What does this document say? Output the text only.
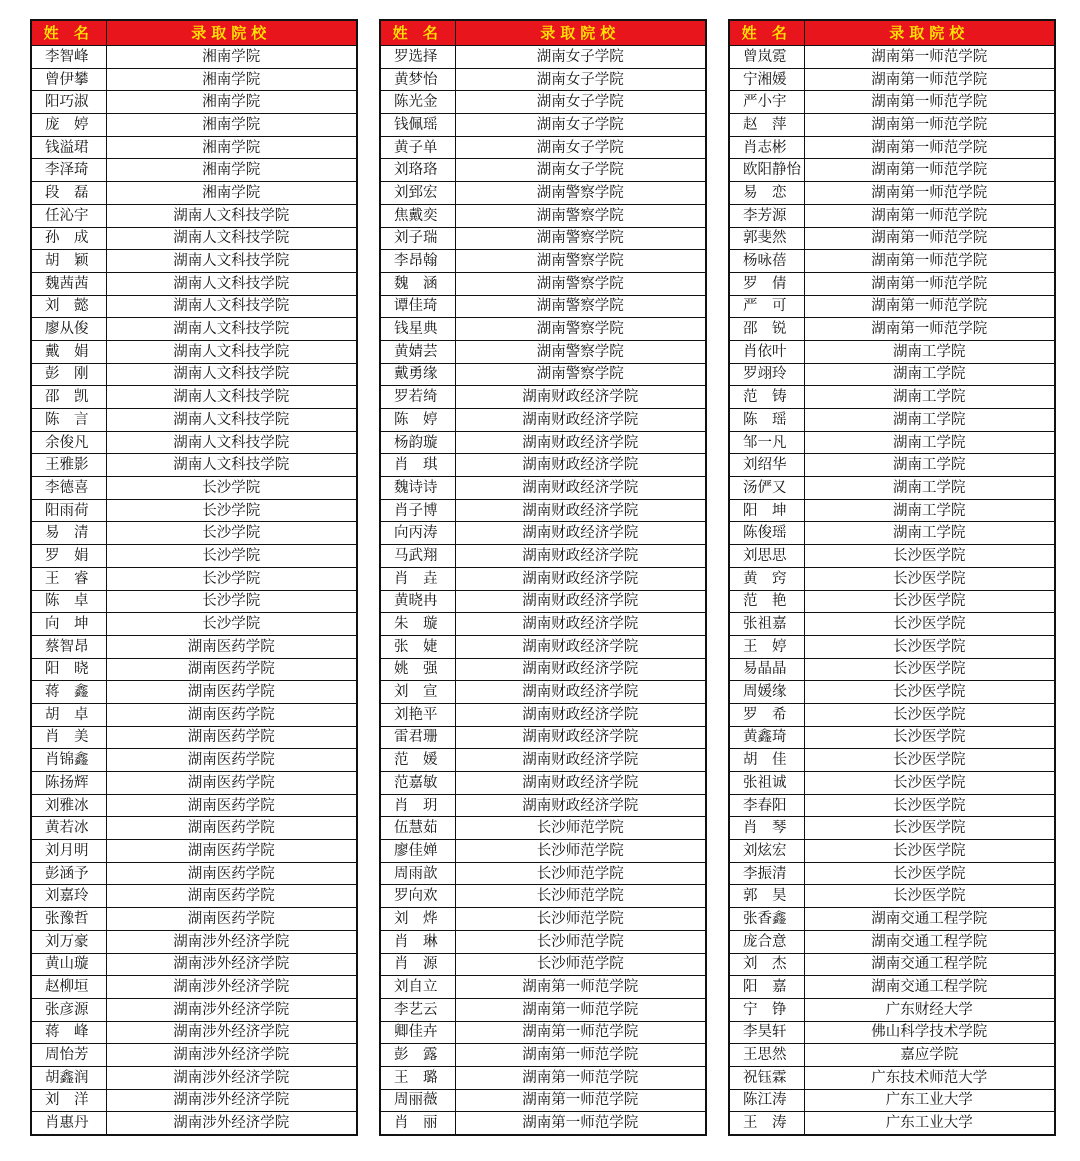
姓 名	录取院校
李智峰	湘南学院
曾伊攀	湘南学院
阳巧淑	湘南学院
庞　婷	湘南学院
钱溢珺	湘南学院
李泽琦	湘南学院
段　磊	湘南学院
任沁宇	湖南人文科技学院
孙　成	湖南人文科技学院
胡　颖	湖南人文科技学院
魏茜茜	湖南人文科技学院
刘　懿	湖南人文科技学院
廖从俊	湖南人文科技学院
戴　娟	湖南人文科技学院
彭　刚	湖南人文科技学院
邵　凯	湖南人文科技学院
陈　言	湖南人文科技学院
余俊凡	湖南人文科技学院
王雅影	湖南人文科技学院
李德喜	长沙学院
阳雨荷	长沙学院
易　清	长沙学院
罗　娟	长沙学院
王　睿	长沙学院
陈　卓	长沙学院
向　坤	长沙学院
蔡智昂	湖南医药学院
阳　晓	湖南医药学院
蒋　鑫	湖南医药学院
胡　卓	湖南医药学院
肖　美	湖南医药学院
肖锦鑫	湖南医药学院
陈扬辉	湖南医药学院
刘雅冰	湖南医药学院
黄若冰	湖南医药学院
刘月明	湖南医药学院
彭涵予	湖南医药学院
刘嘉玲	湖南医药学院
张豫哲	湖南医药学院
刘万豪	湖南涉外经济学院
黄山璇	湖南涉外经济学院
赵柳垣	湖南涉外经济学院
张彦源	湖南涉外经济学院
蒋　峰	湖南涉外经济学院
周怡芳	湖南涉外经济学院
胡鑫润	湖南涉外经济学院
刘　洋	湖南涉外经济学院
肖惠丹	湖南涉外经济学院
姓 名	录取院校
罗选择	湖南女子学院
黄梦怡	湖南女子学院
陈光金	湖南女子学院
钱佩瑶	湖南女子学院
黄子单	湖南女子学院
刘珞珞	湖南女子学院
刘郅宏	湖南警察学院
焦戴奕	湖南警察学院
刘子瑞	湖南警察学院
李昂翰	湖南警察学院
魏　涵	湖南警察学院
谭佳琦	湖南警察学院
钱星典	湖南警察学院
黄婧芸	湖南警察学院
戴勇缘	湖南警察学院
罗若绮	湖南财政经济学院
陈　婷	湖南财政经济学院
杨韵璇	湖南财政经济学院
肖　琪	湖南财政经济学院
魏诗诗	湖南财政经济学院
肖子博	湖南财政经济学院
向丙涛	湖南财政经济学院
马武翔	湖南财政经济学院
肖　垚	湖南财政经济学院
黄晓冉	湖南财政经济学院
朱　璇	湖南财政经济学院
张　婕	湖南财政经济学院
姚　强	湖南财政经济学院
刘　宣	湖南财政经济学院
刘艳平	湖南财政经济学院
雷君珊	湖南财政经济学院
范　媛	湖南财政经济学院
范嘉敏	湖南财政经济学院
肖　玥	湖南财政经济学院
伍慧茹	长沙师范学院
廖佳婵	长沙师范学院
周雨歆	长沙师范学院
罗向欢	长沙师范学院
刘　烨	长沙师范学院
肖　琳	长沙师范学院
肖　源	长沙师范学院
刘自立	湖南第一师范学院
李艺云	湖南第一师范学院
卿佳卉	湖南第一师范学院
彭　露	湖南第一师范学院
王　璐	湖南第一师范学院
周丽薇	湖南第一师范学院
肖　丽	湖南第一师范学院
姓 名	录取院校
曾岚霓	湖南第一师范学院
宁湘媛	湖南第一师范学院
严小宇	湖南第一师范学院
赵　萍	湖南第一师范学院
肖志彬	湖南第一师范学院
欧阳静怡	湖南第一师范学院
易　恋	湖南第一师范学院
李芳源	湖南第一师范学院
郭斐然	湖南第一师范学院
杨咏蓓	湖南第一师范学院
罗　倩	湖南第一师范学院
严　可	湖南第一师范学院
邵　锐	湖南第一师范学院
肖依叶	湖南工学院
罗翊玲	湖南工学院
范　铸	湖南工学院
陈　瑶	湖南工学院
邹一凡	湖南工学院
刘绍华	湖南工学院
汤俨又	湖南工学院
阳　坤	湖南工学院
陈俊瑶	湖南工学院
刘思思	长沙医学院
黄　窍	长沙医学院
范　艳	长沙医学院
张祖嘉	长沙医学院
王　婷	长沙医学院
易晶晶	长沙医学院
周媛缘	长沙医学院
罗　希	长沙医学院
黄鑫琦	长沙医学院
胡　佳	长沙医学院
张祖诚	长沙医学院
李春阳	长沙医学院
肖　琴	长沙医学院
刘炫宏	长沙医学院
李振清	长沙医学院
郭　昊	长沙医学院
张香鑫	湖南交通工程学院
庞合意	湖南交通工程学院
刘　杰	湖南交通工程学院
阳　嘉	湖南交通工程学院
宁　铮	广东财经大学
李昊轩	佛山科学技术学院
王思然	嘉应学院
祝钰霖	广东技术师范大学
陈江涛	广东工业大学
王　涛	广东工业大学
